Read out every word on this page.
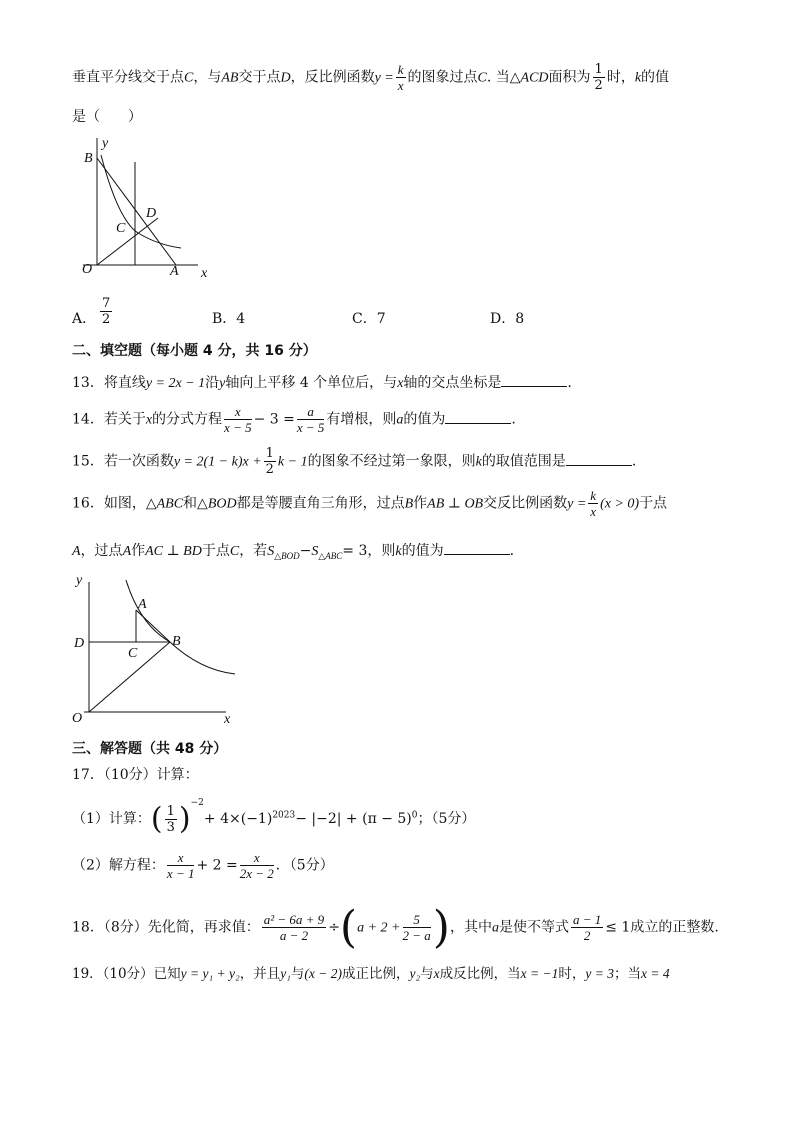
垂直平分线交于点C，与AB交于点D，反比例函数$y = \frac{k}{x}$ 的图象过点C. 当△ACD面积为 $\frac{1}{2}$ 时，k的值
是（　　）
B
y
D
C
O	A x
A． $\frac{7}{2}$	B．4	C．7	D．8
二、填空题（每小题 4 分，共 16 分）
13．将直线y = 2x − 1沿y轴向上平移 4 个单位后，与x轴的交点坐标是	.
14．若关于x的分式方程 $\frac{x}{x - 5} - 3 = \frac{a}{x - 5}$ 有增根，则a的值为	.
15．若一次函数$y = 2(1 - k)x + \frac{1}{2}$ k − 1的图象不经过第一象限，则k的取值范围是	.
16．如图，△ABC和△BOD都是等腰直角三角形，过点B作AB ⊥ OB交反比例函数$y = \frac{k}{x} (x > 0)$于点
A，过点A作AC ⊥ BD于点C，若$S_{\triangle BOD}-S_{\triangle ABC}= 3$，则k的值为	.
y
A
D	B
C
O	x
三、解答题（共 48 分）
17．（10分）计算：
（1）计算：( $\frac{1}{3} )^{-2}+ 4\times(-1)^{2023}- |-2| + (\pi - 5)^0$；（5分）
（2）解方程： $\frac{x}{x - 1} + 2 = \frac{x}{2x - 2}$ ．（5分）
18．（8分）先化简，再求值： $\frac{\text{a² − 6a + 9}}{a - 2} \div(a + 2 + \frac{5}{2 - a}$ )，其中a是使不等式 $\frac{a - 1}{2} \le 1$成立的正整数.
19．（10分）已知y = y₁ + y₂，并且y₁与(x − 2)成正比例，y₂与x成反比例，当x = −1时，y = 3；当x = 4
